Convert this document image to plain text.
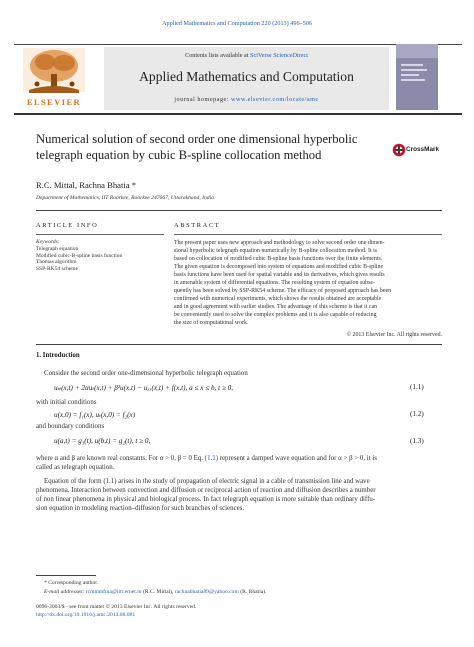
Applied Mathematics and Computation 220 (2013) 496–506
Contents lists available at SciVerse ScienceDirect
Applied Mathematics and Computation
journal homepage: www.elsevier.com/locate/amc
ELSEVIER
Numerical solution of second order one dimensional hyperbolic telegraph equation by cubic B-spline collocation method	CrossMark
R.C. Mittal, Rachna Bhatia *
Department of Mathematics, IIT Roorkee, Roorkee 247667, Uttarakhand, India
ARTICLE INFO	ABSTRACT
Keywords:
Telegraph equation
Modified cubic-B-spline basis function
Thomas algorithm
SSP-RK54 scheme
The present paper uses new approach and methodology to solve second order one dimen-
sional hyperbolic telegraph equation numerically by B-spline collocation method. It is
based on collocation of modified cubic B-spline basis functions over the finite elements.
The given equation is decomposed into system of equations and modified cubic B-spline
basis functions have been used for spatial variable and its derivatives, which gives results
in amenable system of differential equations. The resulting system of equation subse-
quently has been solved by SSP-RK54 scheme. The efficacy of proposed approach has been
confirmed with numerical experiments, which shows the results obtained are acceptable
and in good agreement with earlier studies. The advantage of this scheme is that it can
be conveniently used to solve the complex problems and it is also capable of reducing
the size of computational work.
© 2013 Elsevier Inc. All rights reserved.
1. Introduction
Consider the second order one-dimensional hyperbolic telegraph equation
uₜₜ(x,t) + 2αuₜ(x,t) + β²u(x,t) − uₓₓ(x,t) + f(x,t), a ≤ x ≤ b, t ≥ 0,	(1.1)
with initial conditions
u(x,0) = f₁(x), uₜ(x,0) = f₂(x)	(1.2)
and boundary conditions
u(a,t) = g₁(t), u(b,t) = g₂(t), t ≥ 0,	(1.3)
where α and β are known real constants. For α > 0, β = 0 Eq. (1.1) represent a damped wave equation and for α > β > 0, it is
called as telegraph equation.
Equation of the form (1.1) arises in the study of propagation of electric signal in a cable of transmission line and wave
phenomena. Interaction between convection and diffusion or reciprocal action of reaction and diffusion describes a number
of non linear phenomena in physical and biological process. In fact telegraph equation is more suitable than ordinary diffu-
sion equation in modeling reaction–diffusion for such branches of sciences.
* Corresponding author.
E-mail addresses: rcmmmfma@iitr.ernet.in (R.C. Mittal), rachnabhatia89@yahoo.com (R. Bhatia).
0096-3003/$ - see front matter © 2013 Elsevier Inc. All rights reserved.
http://dx.doi.org/10.1016/j.amc.2013.08.081
